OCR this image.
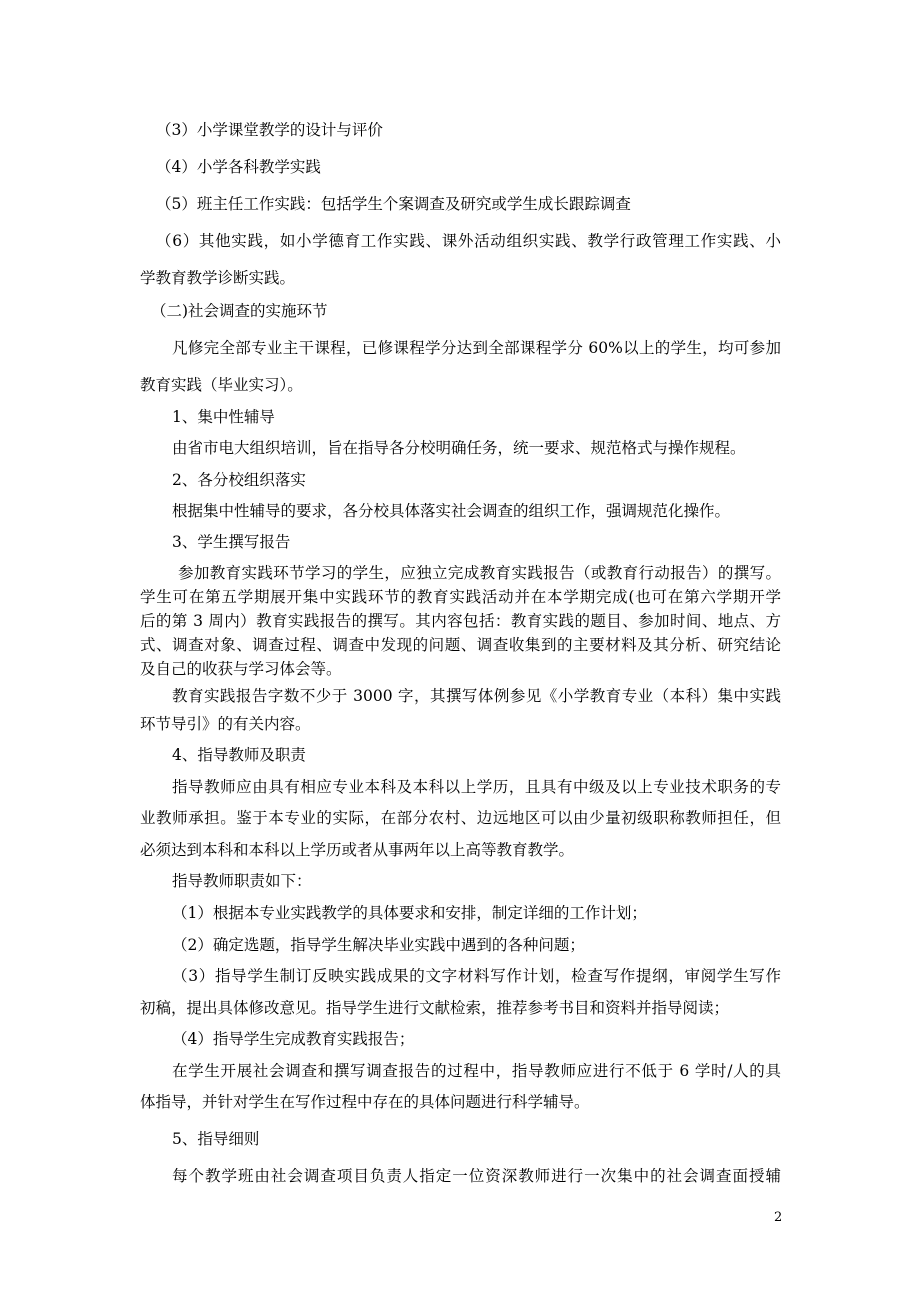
（3）小学课堂教学的设计与评价
（4）小学各科教学实践
（5）班主任工作实践：包括学生个案调查及研究或学生成长跟踪调查
（6）其他实践，如小学德育工作实践、课外活动组织实践、教学行政管理工作实践、小
学教育教学诊断实践。
（二)社会调查的实施环节
凡修完全部专业主干课程，已修课程学分达到全部课程学分 60%以上的学生，均可参加
教育实践（毕业实习）。
1、集中性辅导
由省市电大组织培训，旨在指导各分校明确任务，统一要求、规范格式与操作规程。
2、各分校组织落实
根据集中性辅导的要求，各分校具体落实社会调查的组织工作，强调规范化操作。
3、学生撰写报告
参加教育实践环节学习的学生，应独立完成教育实践报告（或教育行动报告）的撰写。
学生可在第五学期展开集中实践环节的教育实践活动并在本学期完成(也可在第六学期开学
后的第 3 周内）教育实践报告的撰写。其内容包括：教育实践的题目、参加时间、地点、方
式、调查对象、调查过程、调查中发现的问题、调查收集到的主要材料及其分析、研究结论
及自己的收获与学习体会等。
教育实践报告字数不少于 3000 字，其撰写体例参见《小学教育专业（本科）集中实践
环节导引》的有关内容。
4、指导教师及职责
指导教师应由具有相应专业本科及本科以上学历，且具有中级及以上专业技术职务的专
业教师承担。鉴于本专业的实际，在部分农村、边远地区可以由少量初级职称教师担任，但
必须达到本科和本科以上学历或者从事两年以上高等教育教学。
指导教师职责如下：
（1）根据本专业实践教学的具体要求和安排，制定详细的工作计划；
（2）确定选题，指导学生解决毕业实践中遇到的各种问题；
（3）指导学生制订反映实践成果的文字材料写作计划，检查写作提纲，审阅学生写作
初稿，提出具体修改意见。指导学生进行文献检索，推荐参考书目和资料并指导阅读；
（4）指导学生完成教育实践报告；
在学生开展社会调查和撰写调查报告的过程中，指导教师应进行不低于 6 学时/人的具
体指导，并针对学生在写作过程中存在的具体问题进行科学辅导。
5、指导细则
每个教学班由社会调查项目负责人指定一位资深教师进行一次集中的社会调查面授辅
2
